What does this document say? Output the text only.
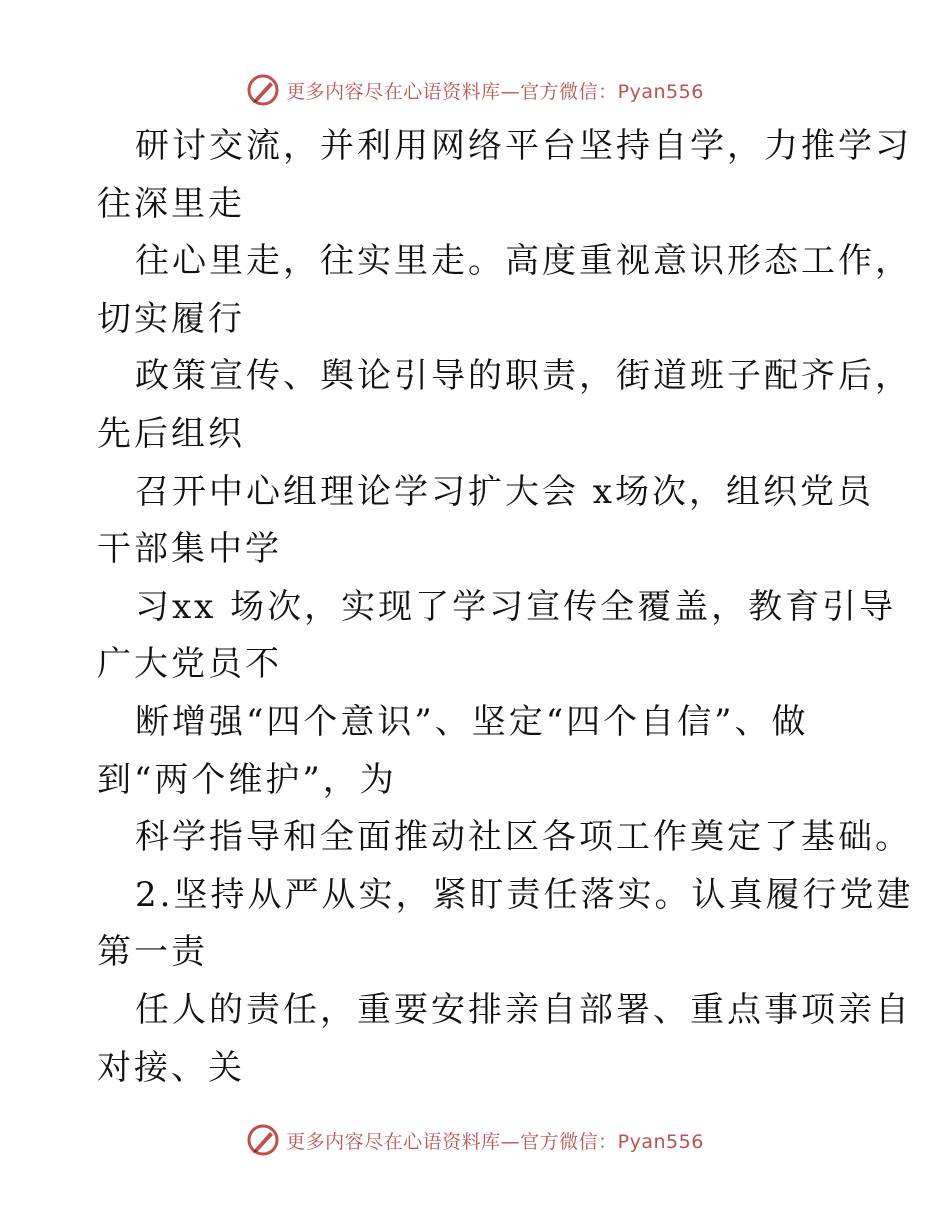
更多内容尽在心语资料库—官方微信：Pyan556
研讨交流，并利用网络平台坚持自学，力推学习
往深里走
往心里走，往实里走。高度重视意识形态工作，
切实履行
政策宣传、舆论引导的职责，街道班子配齐后，
先后组织
召开中心组理论学习扩大会 x场次，组织党员
干部集中学
习xx 场次，实现了学习宣传全覆盖，教育引导
广大党员不
断增强“四个意识”、坚定“四个自信”、做
到“两个维护”，为
科学指导和全面推动社区各项工作奠定了基础。
2.坚持从严从实，紧盯责任落实。认真履行党建
第一责
任人的责任，重要安排亲自部署、重点事项亲自
对接、关
更多内容尽在心语资料库—官方微信：Pyan556
